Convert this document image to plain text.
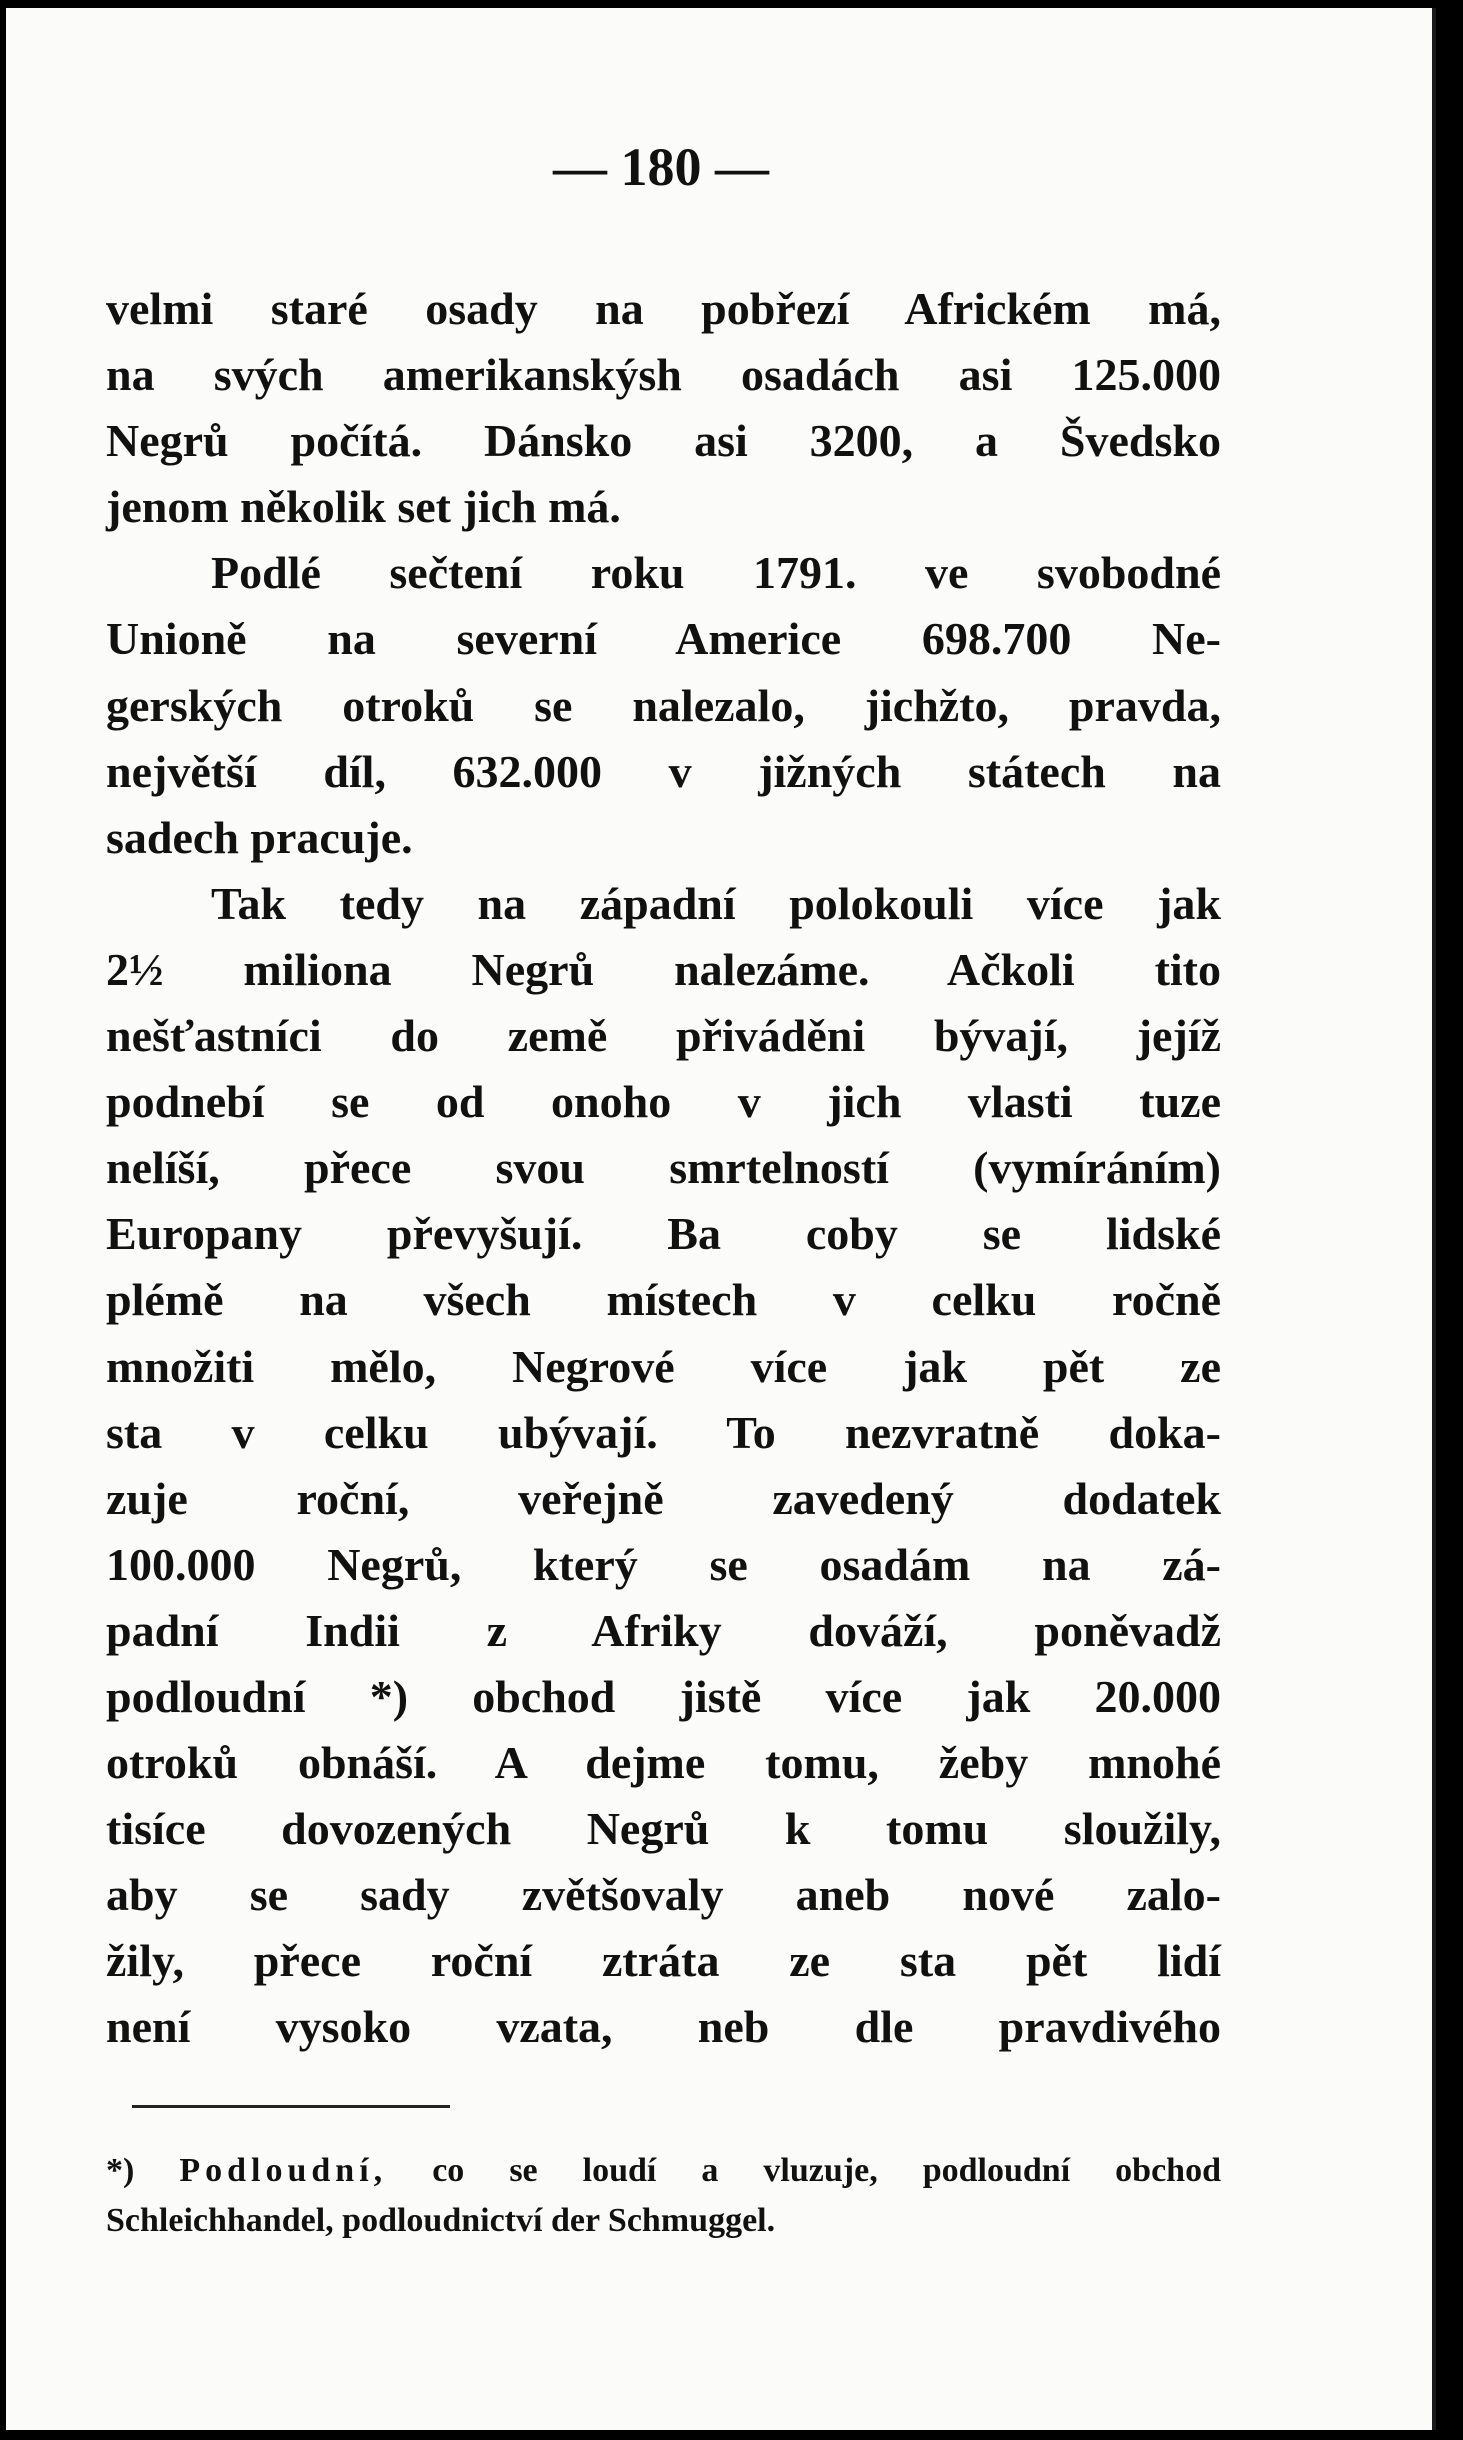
— 180 —
velmi staré osady na pobřezí Africkém má,
na svých amerikanskýsh osadách asi 125.000
Negrů počítá. Dánsko asi 3200, a Švedsko
jenom několik set jich má.
Podlé sečtení roku 1791. ve svobodné
Unioně na severní Americe 698.700 Ne-
gerských otroků se nalezalo, jichžto, pravda,
největší díl, 632.000 v jižných státech na
sadech pracuje.
Tak tedy na západní polokouli více jak
2½ miliona Negrů nalezáme. Ačkoli tito
nešťastníci do země přiváděni bývají, jejíž
podnebí se od onoho v jich vlasti tuze
nelíší, přece svou smrtelností (vymíráním)
Europany převyšují. Ba coby se lidské
plémě na všech místech v celku ročně
množiti mělo, Negrové více jak pět ze
sta v celku ubývají. To nezvratně doka-
zuje roční, veřejně zavedený dodatek
100.000 Negrů, který se osadám na zá-
padní Indii z Afriky dováží, poněvadž
podloudní *) obchod jistě více jak 20.000
otroků obnáší. A dejme tomu, žeby mnohé
tisíce dovozených Negrů k tomu sloužily,
aby se sady zvětšovaly aneb nové zalo-
žily, přece roční ztráta ze sta pět lidí
není vysoko vzata, neb dle pravdivého
*) Podloudní, co se loudí a vluzuje, podloudní obchod
Schleichhandel, podloudnictví der Schmuggel.
